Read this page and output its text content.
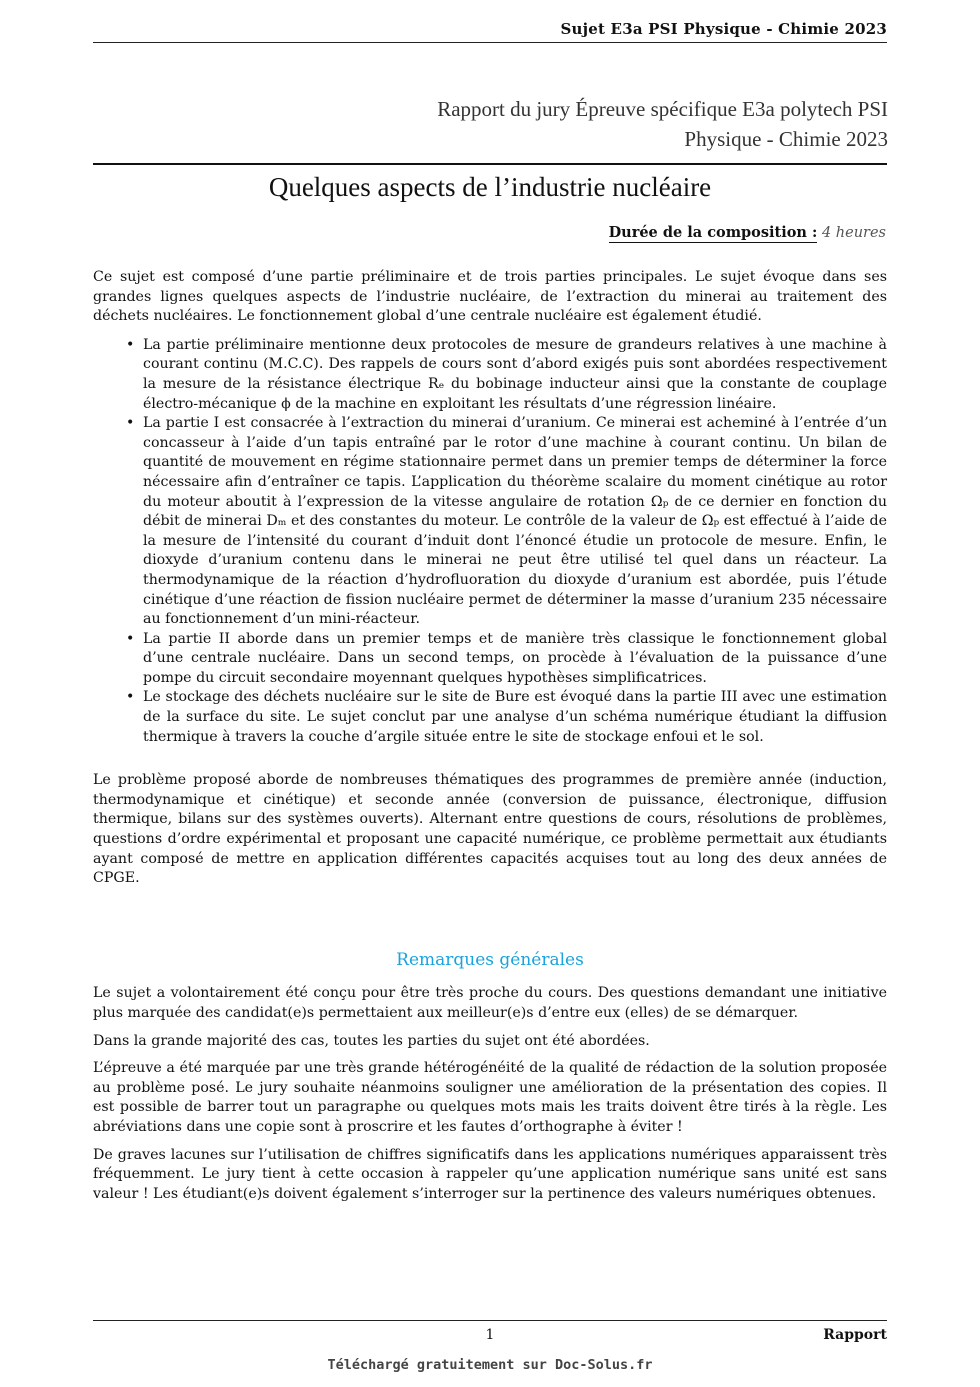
Sujet E3a PSI Physique - Chimie 2023
Rapport du jury Épreuve spécifique E3a polytech PSI
Physique - Chimie 2023
Quelques aspects de l’industrie nucléaire
Durée de la composition : 4 heures

Ce sujet est composé d’une partie préliminaire et de trois parties principales. Le sujet évoque dans ses grandes lignes quelques aspects de l’industrie nucléaire, de l’extraction du minerai au traitement des déchets nucléaires. Le fonctionnement global d’une centrale nucléaire est également étudié.

• La partie préliminaire mentionne deux protocoles de mesure de grandeurs relatives à une machine à courant continu (M.C.C). Des rappels de cours sont d’abord exigés puis sont abordées respectivement la mesure de la résistance électrique Rₑ du bobinage inducteur ainsi que la constante de couplage électro-mécanique ϕ de la machine en exploitant les résultats d’une régression linéaire.
• La partie I est consacrée à l’extraction du minerai d’uranium. Ce minerai est acheminé à l’entrée d’un concasseur à l’aide d’un tapis entraîné par le rotor d’une machine à courant continu. Un bilan de quantité de mouvement en régime stationnaire permet dans un premier temps de déterminer la force nécessaire afin d’entraîner ce tapis. L’application du théorème scalaire du moment cinétique au rotor du moteur aboutit à l’expression de la vitesse angulaire de rotation Ωₚ de ce dernier en fonction du débit de minerai Dₘ et des constantes du moteur. Le contrôle de la valeur de Ωₚ est effectué à l’aide de la mesure de l’intensité du courant d’induit dont l’énoncé étudie un protocole de mesure. Enfin, le dioxyde d’uranium contenu dans le minerai ne peut être utilisé tel quel dans un réacteur. La thermodynamique de la réaction d’hydrofluoration du dioxyde d’uranium est abordée, puis l’étude cinétique d’une réaction de fission nucléaire permet de déterminer la masse d’uranium 235 nécessaire au fonctionnement d’un mini-réacteur.
• La partie II aborde dans un premier temps et de manière très classique le fonctionnement global d’une centrale nucléaire. Dans un second temps, on procède à l’évaluation de la puissance d’une pompe du circuit secondaire moyennant quelques hypothèses simplificatrices.
• Le stockage des déchets nucléaire sur le site de Bure est évoqué dans la partie III avec une estimation de la surface du site. Le sujet conclut par une analyse d’un schéma numérique étudiant la diffusion thermique à travers la couche d’argile située entre le site de stockage enfoui et le sol.

Le problème proposé aborde de nombreuses thématiques des programmes de première année (induction, thermodynamique et cinétique) et seconde année (conversion de puissance, électronique, diffusion thermique, bilans sur des systèmes ouverts). Alternant entre questions de cours, résolutions de problèmes, questions d’ordre expérimental et proposant une capacité numérique, ce problème permettait aux étudiants ayant composé de mettre en application différentes capacités acquises tout au long des deux années de CPGE.

Remarques générales

Le sujet a volontairement été conçu pour être très proche du cours. Des questions demandant une initiative plus marquée des candidat(e)s permettaient aux meilleur(e)s d’entre eux (elles) de se démarquer.

Dans la grande majorité des cas, toutes les parties du sujet ont été abordées.

L’épreuve a été marquée par une très grande hétérogénéité de la qualité de rédaction de la solution proposée au problème posé. Le jury souhaite néanmoins souligner une amélioration de la présentation des copies. Il est possible de barrer tout un paragraphe ou quelques mots mais les traits doivent être tirés à la règle. Les abréviations dans une copie sont à proscrire et les fautes d’orthographe à éviter !

De graves lacunes sur l’utilisation de chiffres significatifs dans les applications numériques apparaissent très fréquemment. Le jury tient à cette occasion à rappeler qu’une application numérique sans unité est sans valeur ! Les étudiant(e)s doivent également s’interroger sur la pertinence des valeurs numériques obtenues.

1	Rapport
Téléchargé gratuitement sur Doc-Solus.fr
